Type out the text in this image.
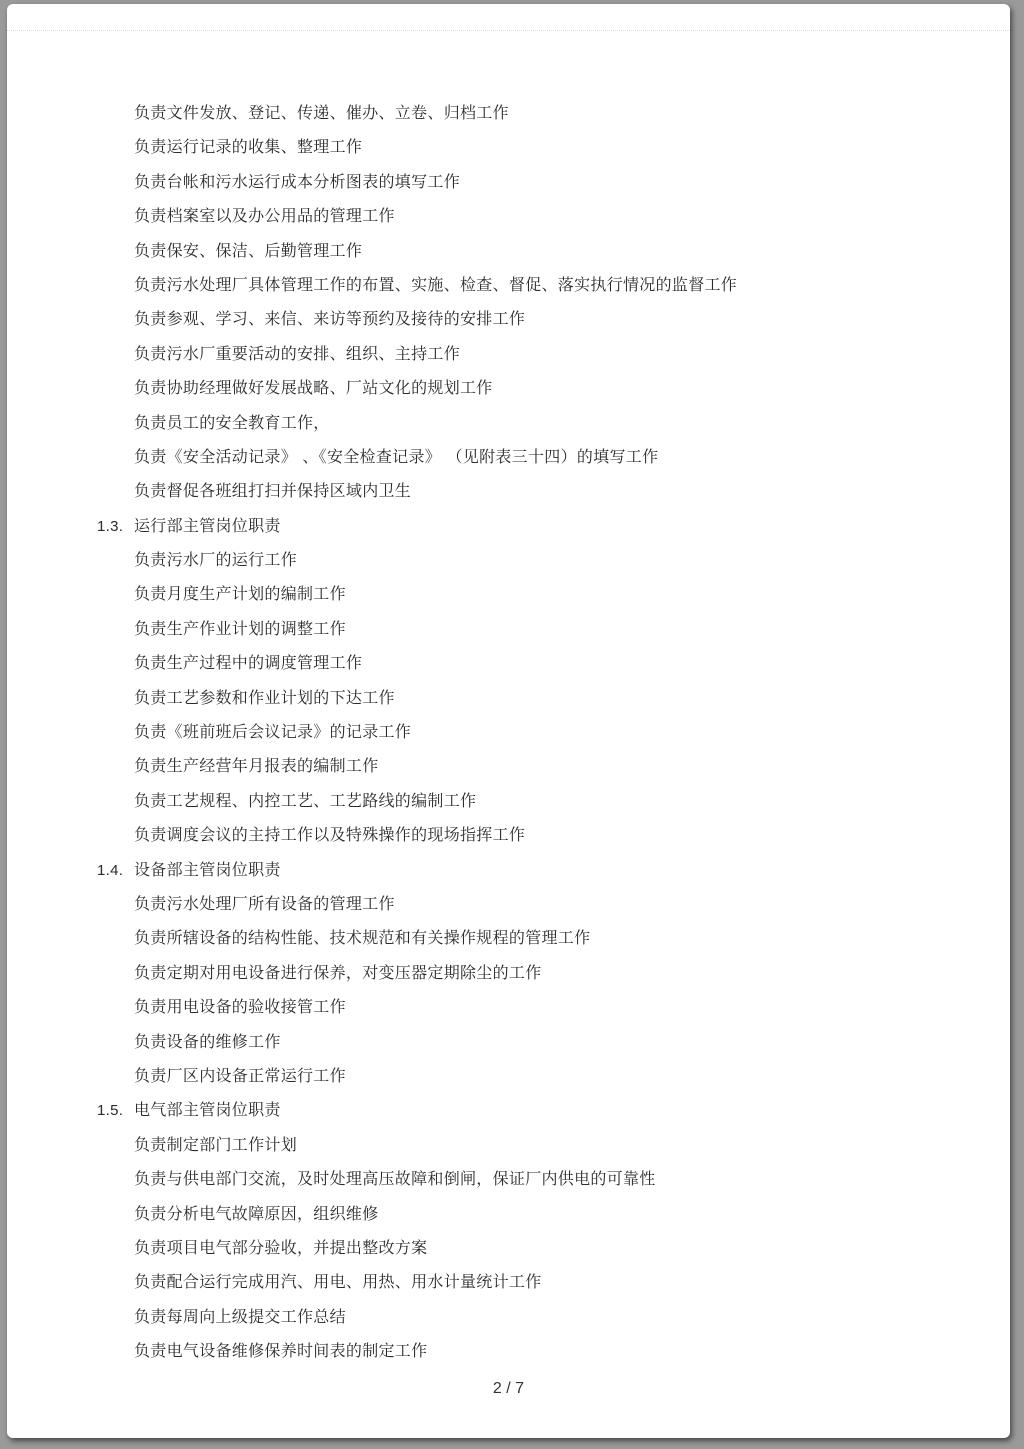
负责文件发放、登记、传递、催办、立卷、归档工作
负责运行记录的收集、整理工作
负责台帐和污水运行成本分析图表的填写工作
负责档案室以及办公用品的管理工作
负责保安、保洁、后勤管理工作
负责污水处理厂具体管理工作的布置、实施、检查、督促、落实执行情况的监督工作
负责参观、学习、来信、来访等预约及接待的安排工作
负责污水厂重要活动的安排、组织、主持工作
负责协助经理做好发展战略、厂站文化的规划工作
负责员工的安全教育工作，
负责《安全活动记录》 、《安全检查记录》 （见附表三十四）的填写工作
负责督促各班组打扫并保持区域内卫生
1.3. 运行部主管岗位职责
负责污水厂的运行工作
负责月度生产计划的编制工作
负责生产作业计划的调整工作
负责生产过程中的调度管理工作
负责工艺参数和作业计划的下达工作
负责《班前班后会议记录》的记录工作
负责生产经营年月报表的编制工作
负责工艺规程、内控工艺、工艺路线的编制工作
负责调度会议的主持工作以及特殊操作的现场指挥工作
1.4. 设备部主管岗位职责
负责污水处理厂所有设备的管理工作
负责所辖设备的结构性能、技术规范和有关操作规程的管理工作
负责定期对用电设备进行保养，对变压器定期除尘的工作
负责用电设备的验收接管工作
负责设备的维修工作
负责厂区内设备正常运行工作
1.5. 电气部主管岗位职责
负责制定部门工作计划
负责与供电部门交流，及时处理高压故障和倒闸，保证厂内供电的可靠性
负责分析电气故障原因，组织维修
负责项目电气部分验收，并提出整改方案
负责配合运行完成用汽、用电、用热、用水计量统计工作
负责每周向上级提交工作总结
负责电气设备维修保养时间表的制定工作
2 / 7
